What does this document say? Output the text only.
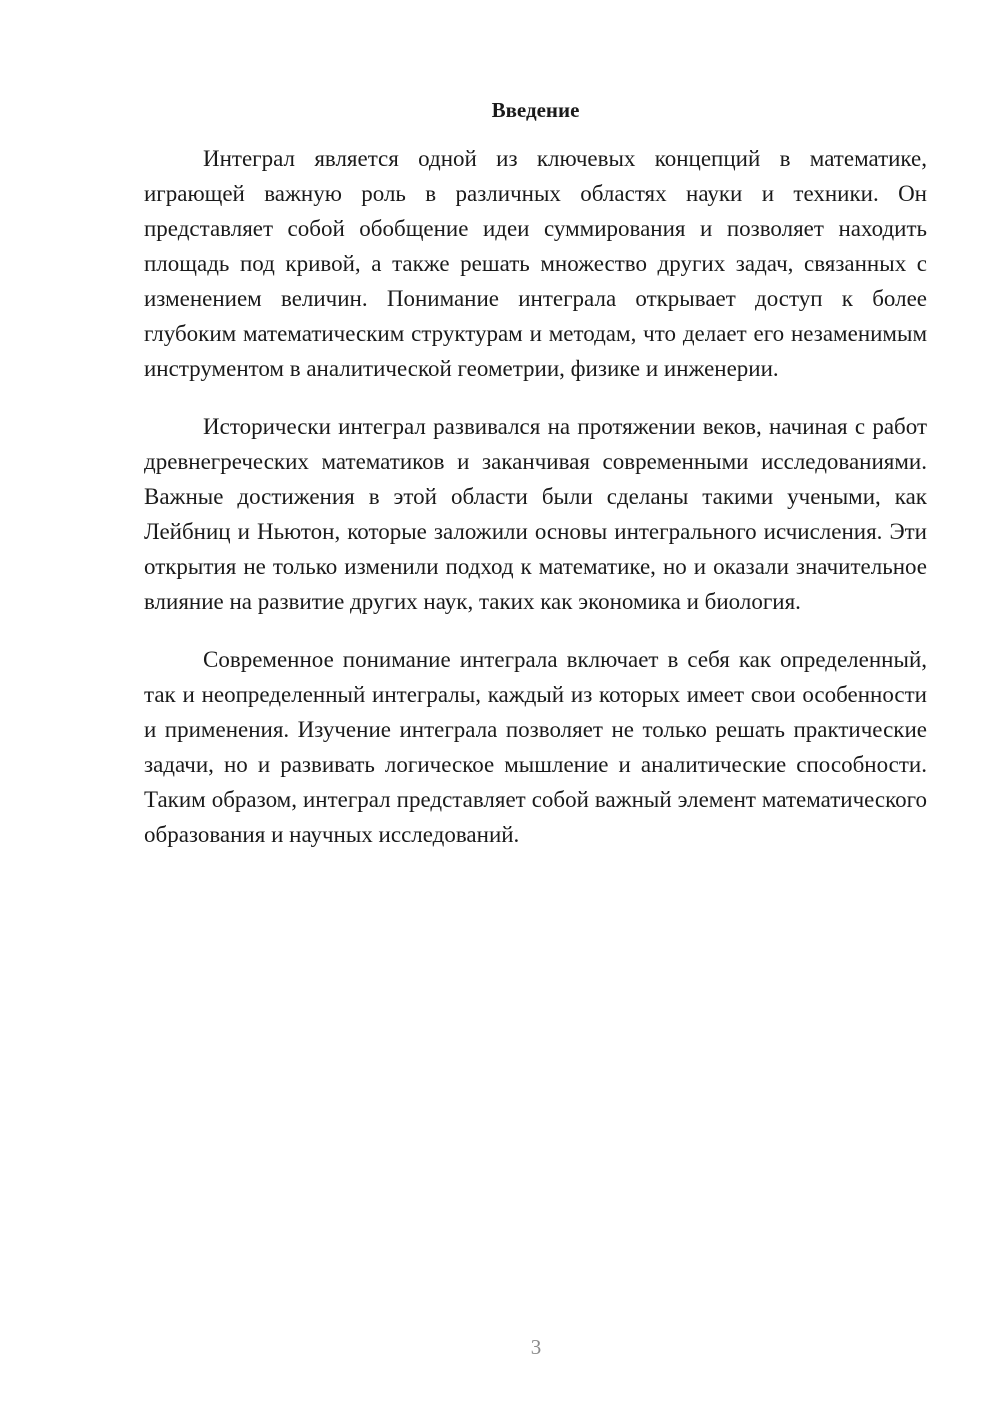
Введение

Интеграл является одной из ключевых концепций в математике, играющей важную роль в различных областях науки и техники. Он представляет собой обобщение идеи суммирования и позволяет находить площадь под кривой, а также решать множество других задач, связанных с изменением величин. Понимание интеграла открывает доступ к более глубоким математическим структурам и методам, что делает его незаменимым инструментом в аналитической геометрии, физике и инженерии.

Исторически интеграл развивался на протяжении веков, начиная с работ древнегреческих математиков и заканчивая современными исследованиями. Важные достижения в этой области были сделаны такими учеными, как Лейбниц и Ньютон, которые заложили основы интегрального исчисления. Эти открытия не только изменили подход к математике, но и оказали значительное влияние на развитие других наук, таких как экономика и биология.

Современное понимание интеграла включает в себя как определенный, так и неопределенный интегралы, каждый из которых имеет свои особенности и применения. Изучение интеграла позволяет не только решать практические задачи, но и развивать логическое мышление и аналитические способности. Таким образом, интеграл представляет собой важный элемент математического образования и научных исследований.

3
